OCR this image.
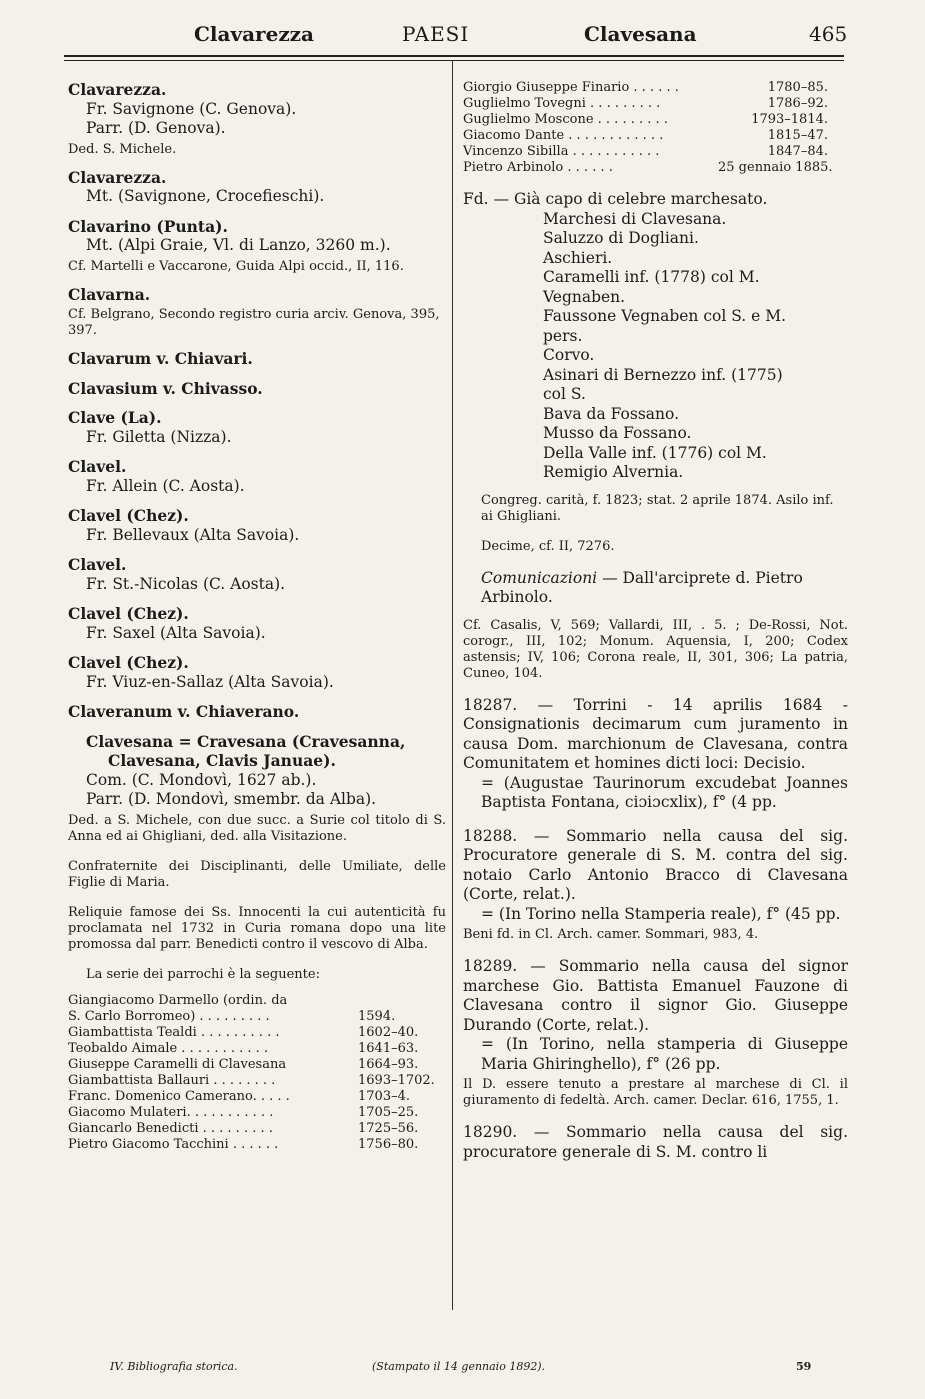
Clavarezza	PAESI	Clavesana	465

Clavarezza.

Fr. Savignone (C. Genova).

Parr. (D. Genova).

Ded. S. Michele.

Clavarezza.

Mt. (Savignone, Crocefieschi).

Clavarino (Punta).

Mt. (Alpi Graie, Vl. di Lanzo, 3260 m.).

Cf. Martelli e Vaccarone, Guida Alpi occid., II, 116.

Clavarna.

Cf. Belgrano, Secondo registro curia arciv. Genova, 395, 397.

Clavarum v. Chiavari.

Clavasium v. Chivasso.

Clave (La).

Fr. Giletta (Nizza).

Clavel.

Fr. Allein (C. Aosta).

Clavel (Chez).

Fr. Bellevaux (Alta Savoia).

Clavel.

Fr. St.-Nicolas (C. Aosta).

Clavel (Chez).

Fr. Saxel (Alta Savoia).

Clavel (Chez).

Fr. Viuz-en-Sallaz (Alta Savoia).

Claveranum v. Chiaverano.

Clavesana = Cravesana (Cravesanna, Clavesana, Clavis Januae).

Com. (C. Mondovì, 1627 ab.).

Parr. (D. Mondovì, smembr. da Alba).

Ded. a S. Michele, con due succ. a Surie col titolo di S. Anna ed ai Ghigliani, ded. alla Visitazione.

Confraternite dei Disciplinanti, delle Umiliate, delle Figlie di Maria.

Reliquie famose dei Ss. Innocenti la cui autenticità fu proclamata nel 1732 in Curia romana dopo una lite promossa dal parr. Benedicti contro il vescovo di Alba.

La serie dei parrochi è la seguente:

Giangiacomo Darmello (ordin. da
S. Carlo Borromeo) . . . . . . . . .	1594.
Giambattista Tealdi . . . . . . . . . .	1602–40.
Teobaldo Aimale . . . . . . . . . . .	1641–63.
Giuseppe Caramelli di Clavesana	1664–93.
Giambattista Ballauri . . . . . . . .	1693–1702.
Franc. Domenico Camerano. . . . .	1703–4.
Giacomo Mulateri. . . . . . . . . . .	1705–25.
Giancarlo Benedicti . . . . . . . . .	1725–56.
Pietro Giacomo Tacchini . . . . . .	1756–80.
Giorgio Giuseppe Finario . . . . . .	1780–85.
Guglielmo Tovegni . . . . . . . . .	1786–92.
Guglielmo Moscone . . . . . . . . .	1793–1814.
Giacomo Dante . . . . . . . . . . . .	1815–47.
Vincenzo Sibilla . . . . . . . . . . .	1847–84.
Pietro Arbinolo . . . . . .	25 gennaio 1885.

Fd. — Già capo di celebre marchesato.

Marchesi di Clavesana.

Saluzzo di Dogliani.

Aschieri.

Caramelli inf. (1778) col M.

Vegnaben.

Faussone Vegnaben col S. e M. pers.

Corvo.

Asinari di Bernezzo inf. (1775) col S.

Bava da Fossano.

Musso da Fossano.

Della Valle inf. (1776) col M.

Remigio Alvernia.

Congreg. carità, f. 1823; stat. 2 aprile 1874. Asilo inf. ai Ghigliani.

Decime, cf. II, 7276.

Comunicazioni — Dall'arciprete d. Pietro Arbinolo.

Cf. Casalis, V, 569; Vallardi, III, . 5. ; De-Rossi, Not. corogr., III, 102; Monum. Aquensia, I, 200; Codex astensis; IV, 106; Corona reale, II, 301, 306; La patria, Cuneo, 104.

18287. — Torrini - 14 aprilis 1684 - Consignationis decimarum cum juramento in causa Dom. marchionum de Clavesana, contra Comunitatem et homines dicti loci: Decisio.

= (Augustae Taurinorum excudebat Joannes Baptista Fontana, ciɔiɔcxlix), f° (4 pp.

18288. — Sommario nella causa del sig. Procuratore generale di S. M. contra del sig. notaio Carlo Antonio Bracco di Clavesana (Corte, relat.).

= (In Torino nella Stamperia reale), f° (45 pp.

Beni fd. in Cl. Arch. camer. Sommari, 983, 4.

18289. — Sommario nella causa del signor marchese Gio. Battista Emanuel Fauzone di Clavesana contro il signor Gio. Giuseppe Durando (Corte, relat.).

= (In Torino, nella stamperia di Giuseppe Maria Ghiringhello), f° (26 pp.

Il D. essere tenuto a prestare al marchese di Cl. il giuramento di fedeltà. Arch. camer. Declar. 616, 1755, 1.

18290. — Sommario nella causa del sig. procuratore generale di S. M. contro li

IV. Bibliografia storica.	(Stampato il 14 gennaio 1892).	59
